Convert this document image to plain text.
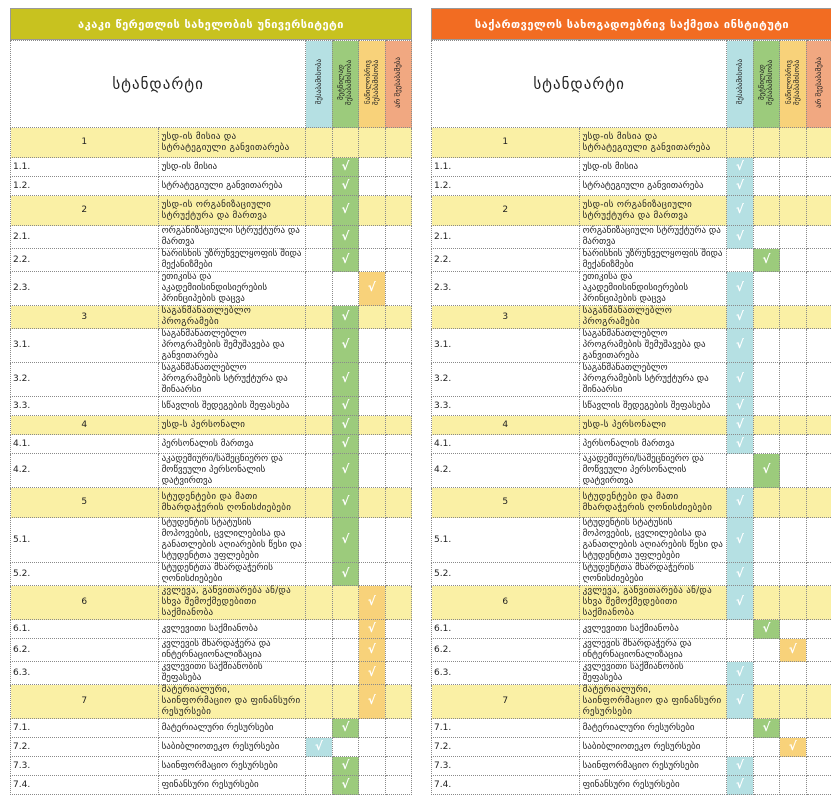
აკაკი წერეთლის სახელობის უნივერსიტეტი
სტანდარტი		შესაბამისობა	მეტწილად შესაბამისობა	ნაწილობრივ შესაბამისობა	არ შეესაბამება
1	უსდ-ის მისია და სტრატეგიული განვითარება				
1.1.	უსდ-ის მისია		√		
1.2.	სტრატეგიული განვითარება		√		
2	უსდ-ის ორგანიზაციული სტრუქტურა და მართვა		√		
2.1.	ორგანიზაციული სტრუქტურა და მართვა		√		
2.2.	ხარისხის უზრუნველყოფის შიდა მექანიზმები		√		
2.3.	ეთიკისა და აკადემიისინდისიერების პრინციპების დაცვა			√	
3	საგანმანათლებლო პროგრამები		√		
3.1.	საგანმანათლებლო პროგრამების შემუშავება და განვითარება		√		
3.2.	საგანმანათლებლო პროგრამების სტრუქტურა და შინაარსი		√		
3.3.	სწავლის შედეგების შეფასება		√		
4	უსდ-ს პერსონალი		√		
4.1.	პერსონალის მართვა		√		
4.2.	აკადემიური/სამეცნიერო და მოწვეული პერსონალის დატვირთვა		√		
5	სტუდენტები და მათი მხარდაჭერის ღონისძიებები		√		
5.1.	სტუდენტის სტატუსის მოპოვების, ცვლილებისა და განათლების აღიარების წესი და სტუდენტთა უფლებები		√		
5.2.	სტუდენტთა მხარდაჭერის ღონისძიებები		√		
6	კვლევა, განვითარება ან/და სხვა შემოქმედებითი საქმიანობა			√	
6.1.	კვლევითი საქმიანობა			√	
6.2.	კვლევის მხარდაჭერა და ინტერნაციონალიზაცია			√	
6.3.	კვლევითი საქმიანობის შეფასება			√	
7	მატერიალური, საინფორმაციო და ფინანსური რესურსები			√	
7.1.	მატერიალური რესურსები		√		
7.2.	საბიბლიოთეკო რესურსები	√			
7.3.	საინფორმაციო რესურსები		√		
7.4.	ფინანსური რესურსები		√		
საქართველოს სახოგადოებრივ საქმეთა ინსტიტუტი
სტანდარტი		შესაბამისობა	მეტწილად შესაბამისობა	ნაწილობრივ შესაბამისობა	არ შეესაბამება
1	უსდ-ის მისია და სტრატეგიული განვითარება				
1.1.	უსდ-ის მისია	√			
1.2.	სტრატეგიული განვითარება	√			
2	უსდ-ის ორგანიზაციული სტრუქტურა და მართვა	√			
2.1.	ორგანიზაციული სტრუქტურა და მართვა	√			
2.2.	ხარისხის უზრუნველყოფის შიდა მექანიზმები		√		
2.3.	ეთიკისა და აკადემიისინდისიერების პრინციპების დაცვა	√			
3	საგანმანათლებლო პროგრამები	√			
3.1.	საგანმანათლებლო პროგრამების შემუშავება და განვითარება	√			
3.2.	საგანმანათლებლო პროგრამების სტრუქტურა და შინაარსი	√			
3.3.	სწავლის შედეგების შეფასება	√			
4	უსდ-ს პერსონალი	√			
4.1.	პერსონალის მართვა	√			
4.2.	აკადემიური/სამეცნიერო და მოწვეული პერსონალის დატვირთვა		√		
5	სტუდენტები და მათი მხარდაჭერის ღონისძიებები	√			
5.1.	სტუდენტის სტატუსის მოპოვების, ცვლილებისა და განათლების აღიარების წესი და სტუდენტთა უფლებები	√			
5.2.	სტუდენტთა მხარდაჭერის ღონისძიებები	√			
6	კვლევა, განვითარება ან/და სხვა შემოქმედებითი საქმიანობა	√			
6.1.	კვლევითი საქმიანობა		√		
6.2.	კვლევის მხარდაჭერა და ინტერნაციონალიზაცია			√	
6.3.	კვლევითი საქმიანობის შეფასება	√			
7	მატერიალური, საინფორმაციო და ფინანსური რესურსები	√			
7.1.	მატერიალური რესურსები		√		
7.2.	საბიბლიოთეკო რესურსები			√	
7.3.	საინფორმაციო რესურსები	√			
7.4.	ფინანსური რესურსები	√			
